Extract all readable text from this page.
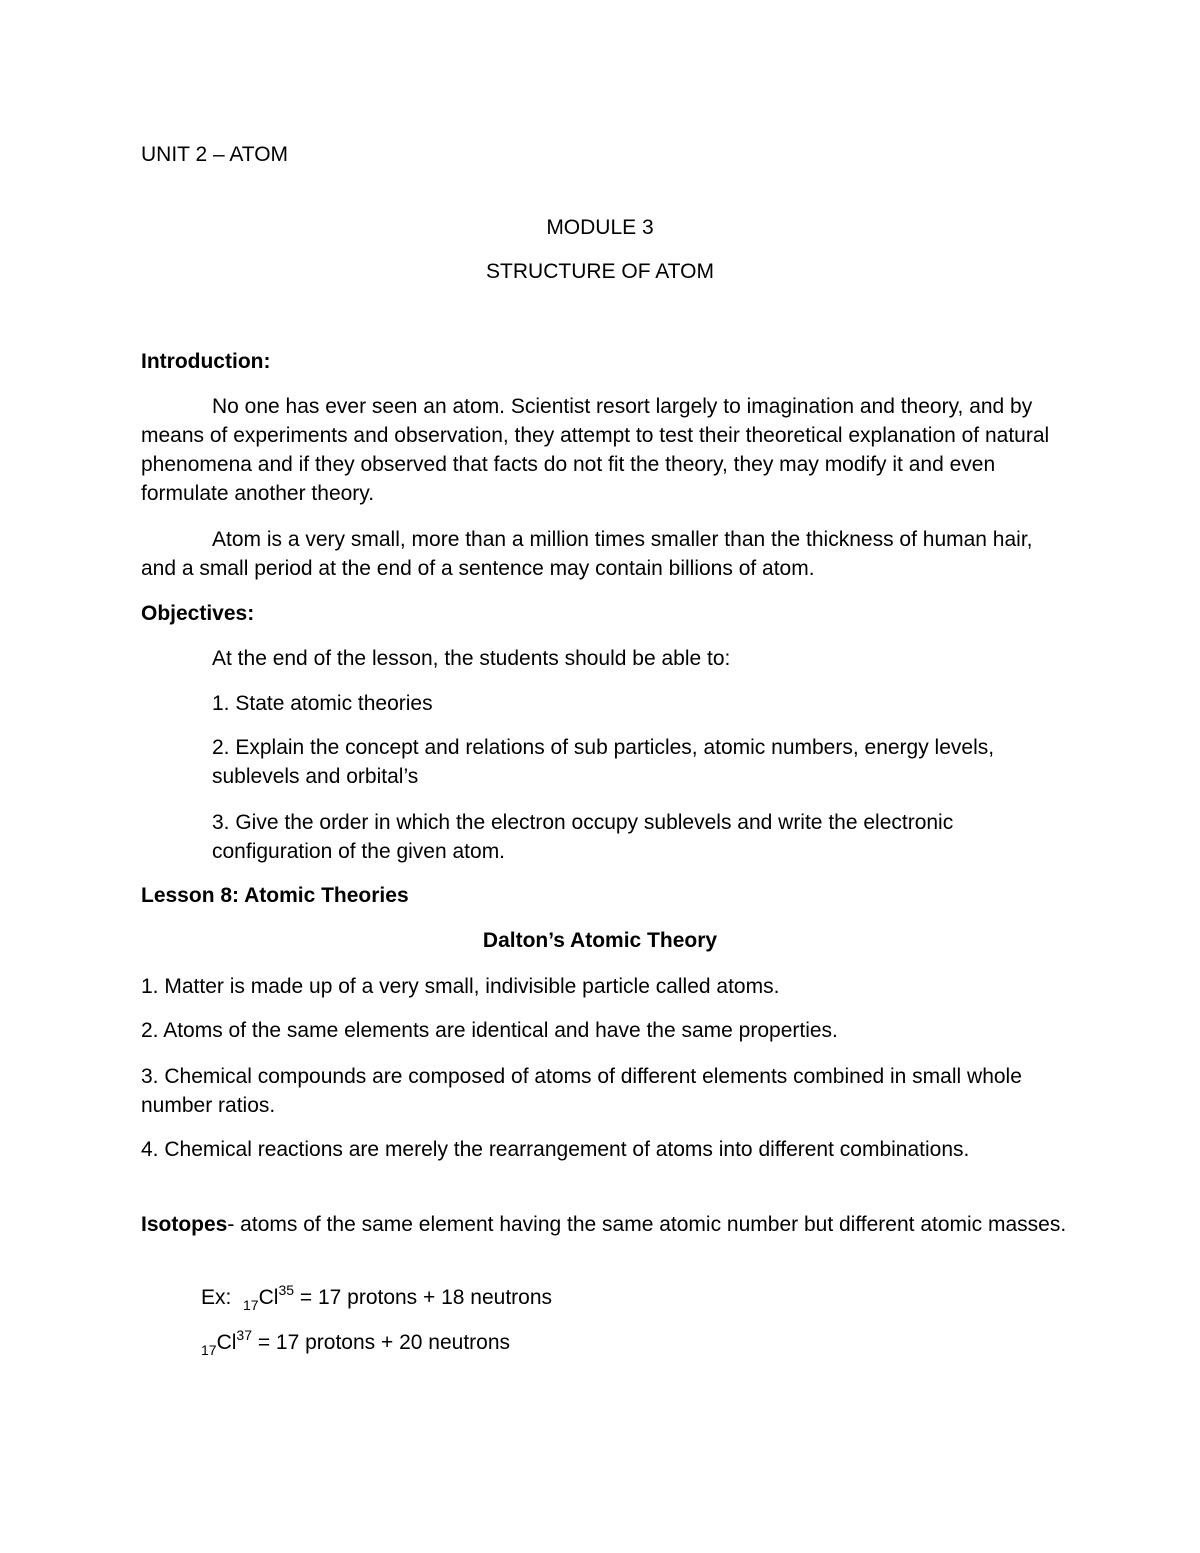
UNIT 2 – ATOM

MODULE 3

STRUCTURE OF ATOM

Introduction:

No one has ever seen an atom. Scientist resort largely to imagination and theory, and by means of experiments and observation, they attempt to test their theoretical explanation of natural phenomena and if they observed that facts do not fit the theory, they may modify it and even formulate another theory.

Atom is a very small, more than a million times smaller than the thickness of human hair, and a small period at the end of a sentence may contain billions of atom.

Objectives:

At the end of the lesson, the students should be able to:

1. State atomic theories

2. Explain the concept and relations of sub particles, atomic numbers, energy levels, sublevels and orbital’s

3. Give the order in which the electron occupy sublevels and write the electronic configuration of the given atom.

Lesson 8: Atomic Theories

Dalton’s Atomic Theory

1. Matter is made up of a very small, indivisible particle called atoms.

2. Atoms of the same elements are identical and have the same properties.

3. Chemical compounds are composed of atoms of different elements combined in small whole number ratios.

4. Chemical reactions are merely the rearrangement of atoms into different combinations.

Isotopes- atoms of the same element having the same atomic number but different atomic masses.

Ex:  $_{17}Cl^{35} = 17$ protons + 18 neutrons

$_{17}Cl^{37} = 17$ protons + 20 neutrons
